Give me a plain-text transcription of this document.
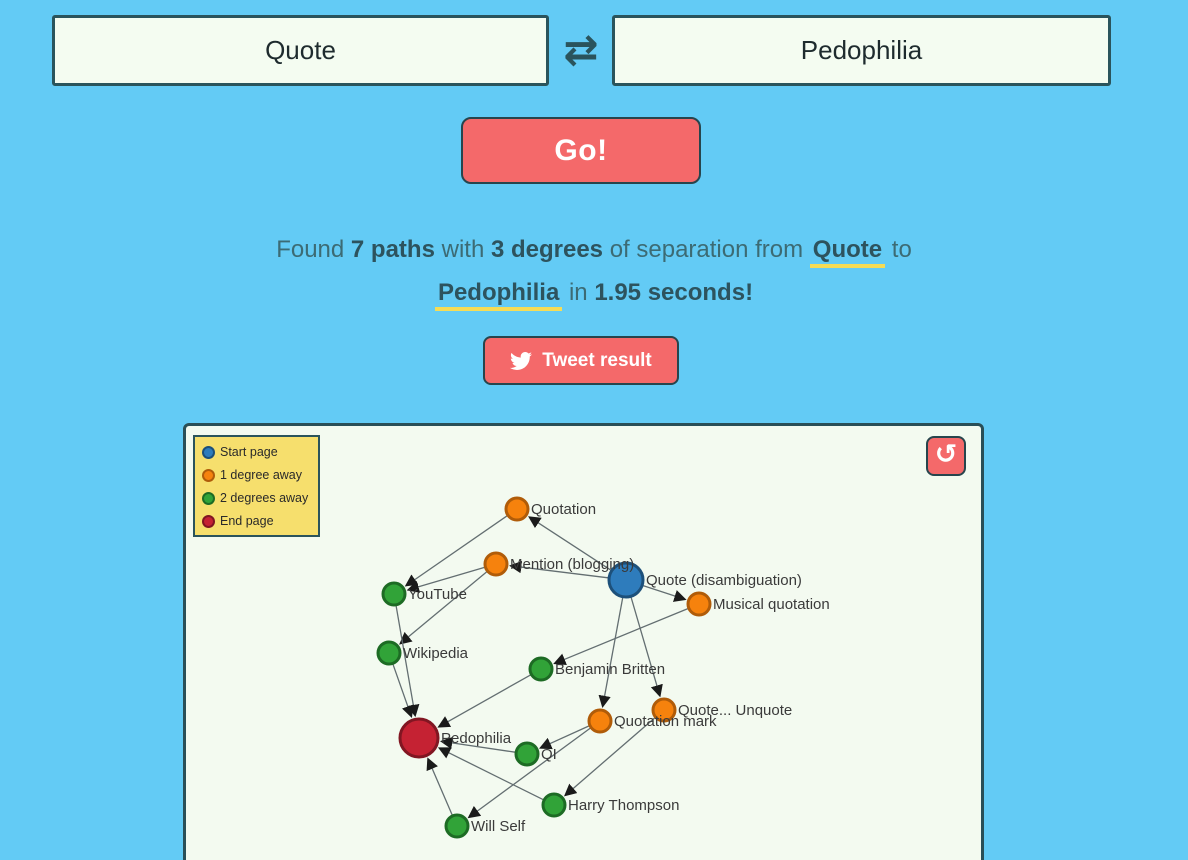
Quote
⇄
Pedophilia
Go!
Found 7 paths with 3 degrees of separation from Quote to
Pedophilia in 1.95 seconds!
Tweet result
Quotation
Mention (blogging)
Quote (disambiguation)
Musical quotation
YouTube
Wikipedia
Benjamin Britten
Quote... Unquote
Quotation mark
Pedophilia
QI
Harry Thompson
Will Self
Start page
1 degree away
2 degrees away
End page
↺
